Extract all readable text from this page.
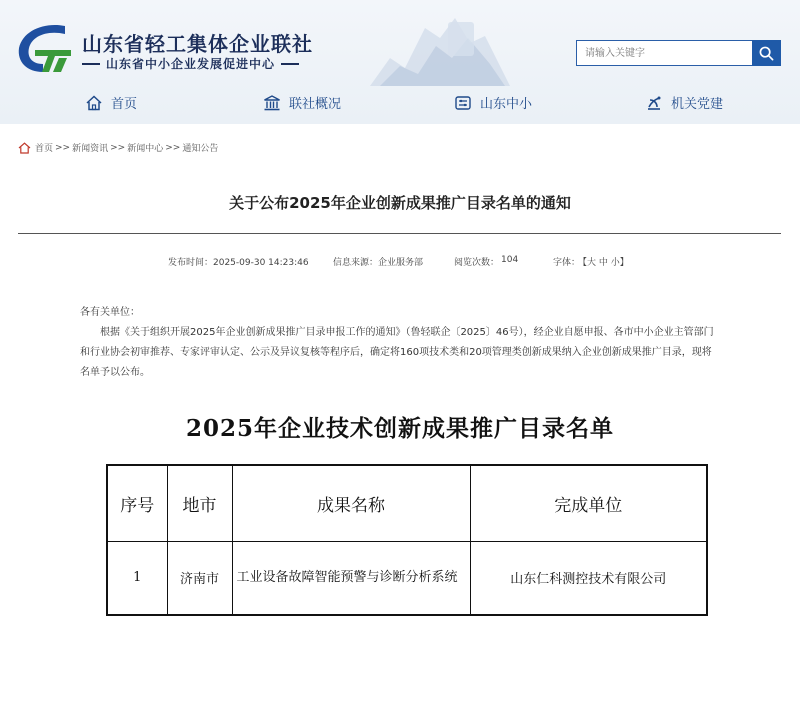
山东省轻工集体企业联社
山东省中小企业发展促进中心
请输入关键字
首页	联社概况	山东中小	机关党建
首页 >> 新闻资讯 >> 新闻中心 >> 通知公告
关于公布2025年企业创新成果推广目录名单的通知
发布时间：2025-09-30 14:23:46	信息来源：企业服务部	阅览次数： 104	字体：
【大 中 小】

各有关单位：

根据《关于组织开展2025年企业创新成果推广目录申报工作的通知》（鲁轻联企〔2025〕46号），经企业自愿申报、各市中小企业主管部门和行业协会初审推荐、专家评审认定、公示及异议复核等程序后，确定将160项技术类和20项管理类创新成果纳入企业创新成果推广目录，现将名单予以公布。

2025年企业技术创新成果推广目录名单
序号	地市	成果名称	完成单位
1	济南市	工业设备故障智能预警与诊断分析系统	山东仁科测控技术有限公司
